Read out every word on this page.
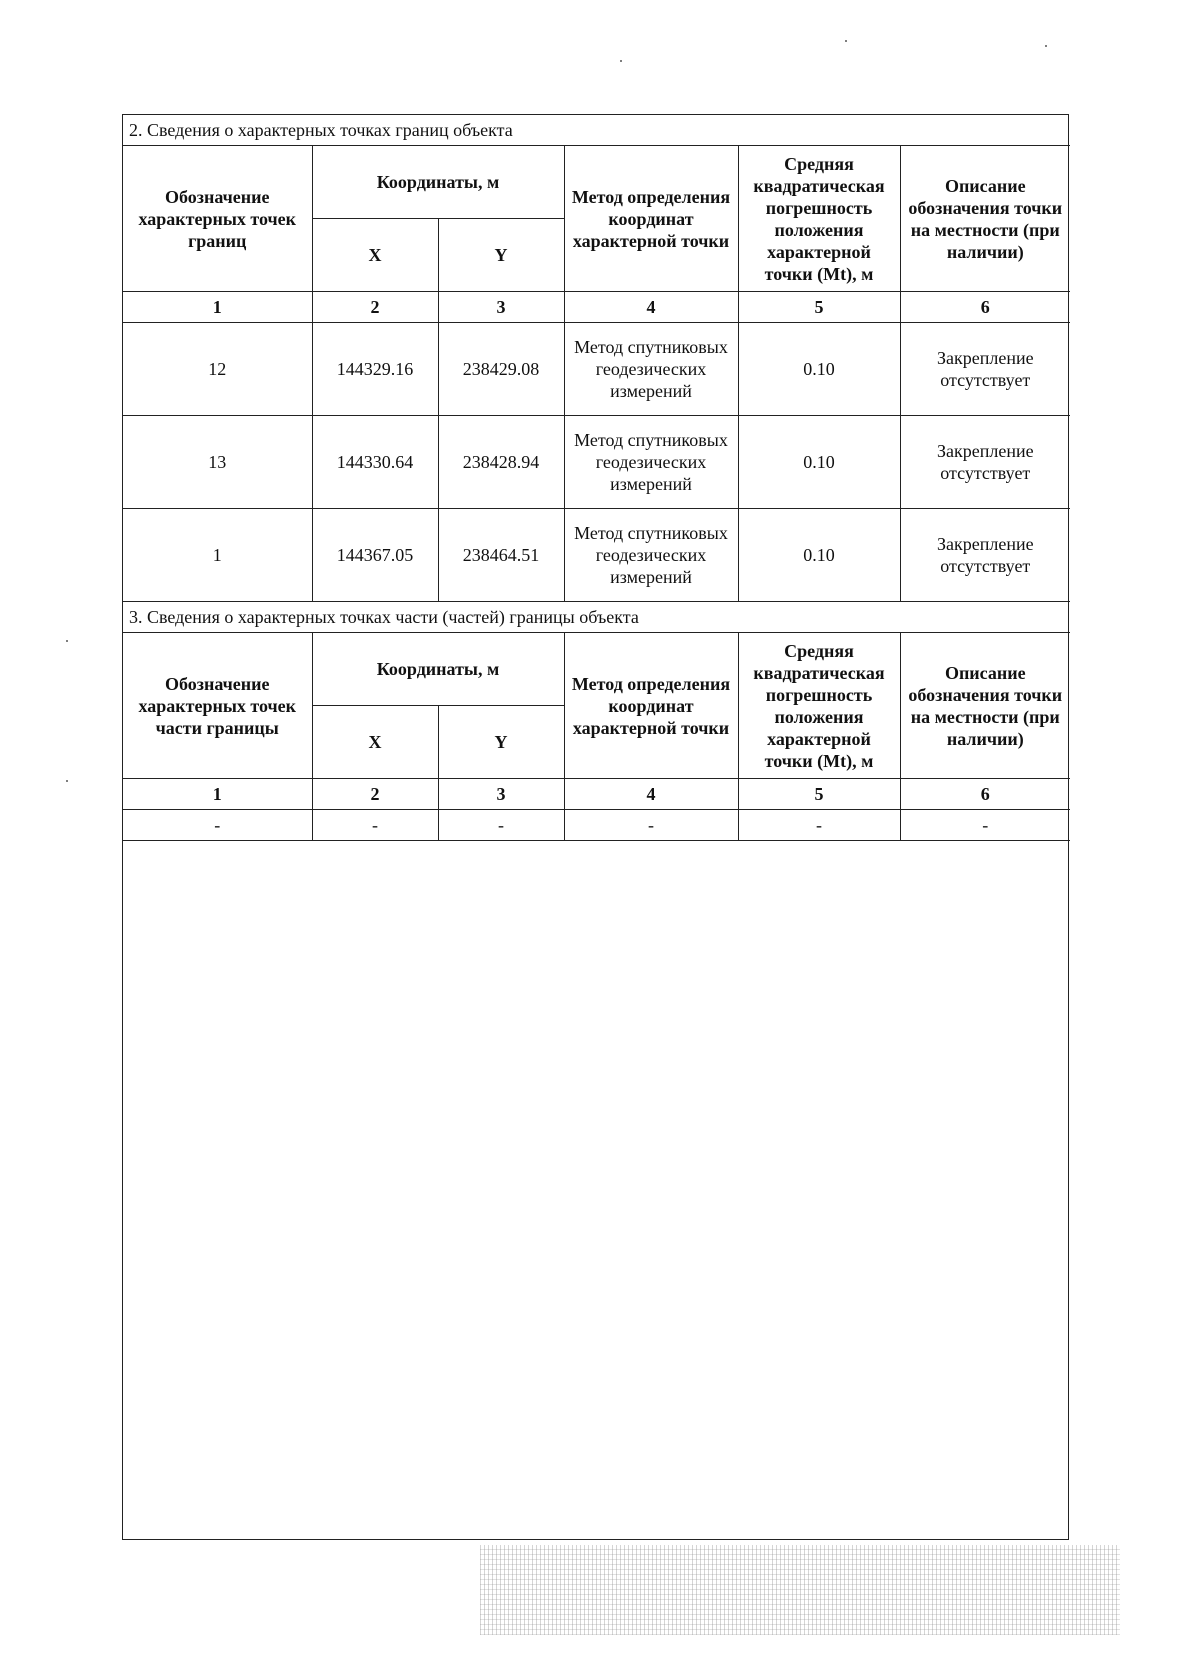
2. Сведения о характерных точках границ объекта					
Обозначение характерных точек границ	Координаты, м		Метод определения координат характерной точки	Средняя квадратическая погрешность положения характерной точки (Mt), м	Описание обозначения точки на местности (при наличии)
	X	Y			
1	2	3	4	5	6
12	144329.16	238429.08	Метод спутниковых геодезических измерений	0.10	Закрепление отсутствует
13	144330.64	238428.94	Метод спутниковых геодезических измерений	0.10	Закрепление отсутствует
1	144367.05	238464.51	Метод спутниковых геодезических измерений	0.10	Закрепление отсутствует
3. Сведения о характерных точках части (частей) границы объекта					
Обозначение характерных точек части границы	Координаты, м		Метод определения координат характерной точки	Средняя квадратическая погрешность положения характерной точки (Mt), м	Описание обозначения точки на местности (при наличии)
	X	Y			
1	2	3	4	5	6
-	-	-	-	-	-
